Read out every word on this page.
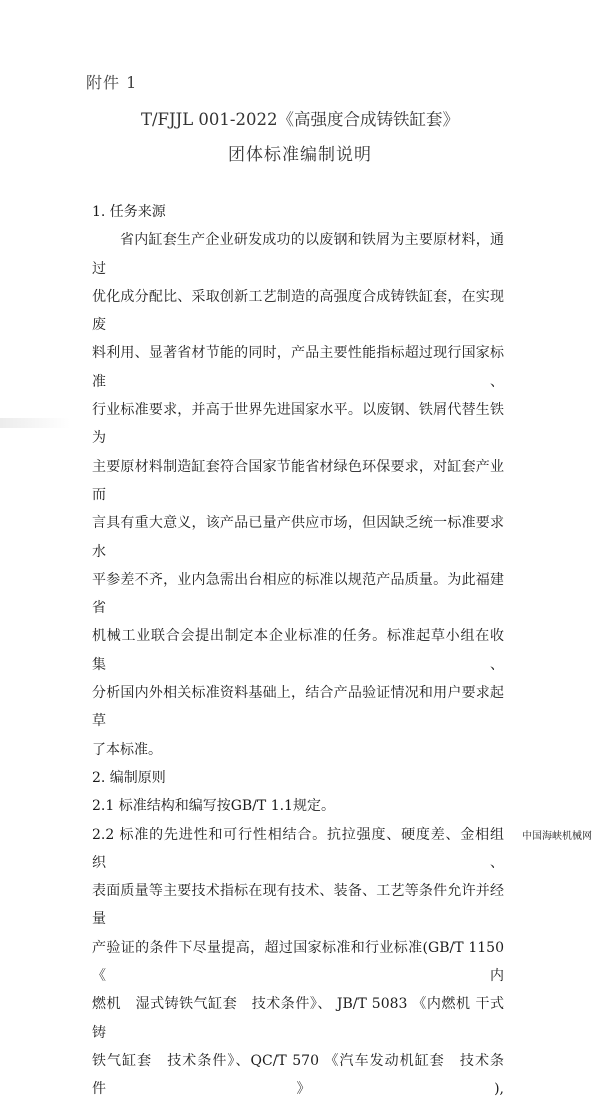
附件 1
T/FJJL 001-2022《高强度合成铸铁缸套》
团体标准编制说明

1. 任务来源

省内缸套生产企业研发成功的以废钢和铁屑为主要原材料，通过

优化成分配比、采取创新工艺制造的高强度合成铸铁缸套，在实现废

料利用、显著省材节能的同时，产品主要性能指标超过现行国家标准、

行业标准要求，并高于世界先进国家水平。以废钢、铁屑代替生铁为

主要原材料制造缸套符合国家节能省材绿色环保要求，对缸套产业而

言具有重大意义，该产品已量产供应市场，但因缺乏统一标准要求水

平参差不齐，业内急需出台相应的标准以规范产品质量。为此福建省

机械工业联合会提出制定本企业标准的任务。标准起草小组在收集、

分析国内外相关标准资料基础上，结合产品验证情况和用户要求起草

了本标准。

2. 编制原则

2.1 标准结构和编写按GB/T 1.1规定。

2.2 标准的先进性和可行性相结合。抗拉强度、硬度差、金相组织、

表面质量等主要技术指标在现有技术、装备、工艺等条件允许并经量

产验证的条件下尽量提高，超过国家标准和行业标准(GB/T 1150《内

燃机　湿式铸铁气缸套　技术条件》、 JB/T 5083 《内燃机 干式铸

铁气缸套　技术条件》、QC/T 570 《汽车发动机缸套　技术条件》),

中国海峡机械网
